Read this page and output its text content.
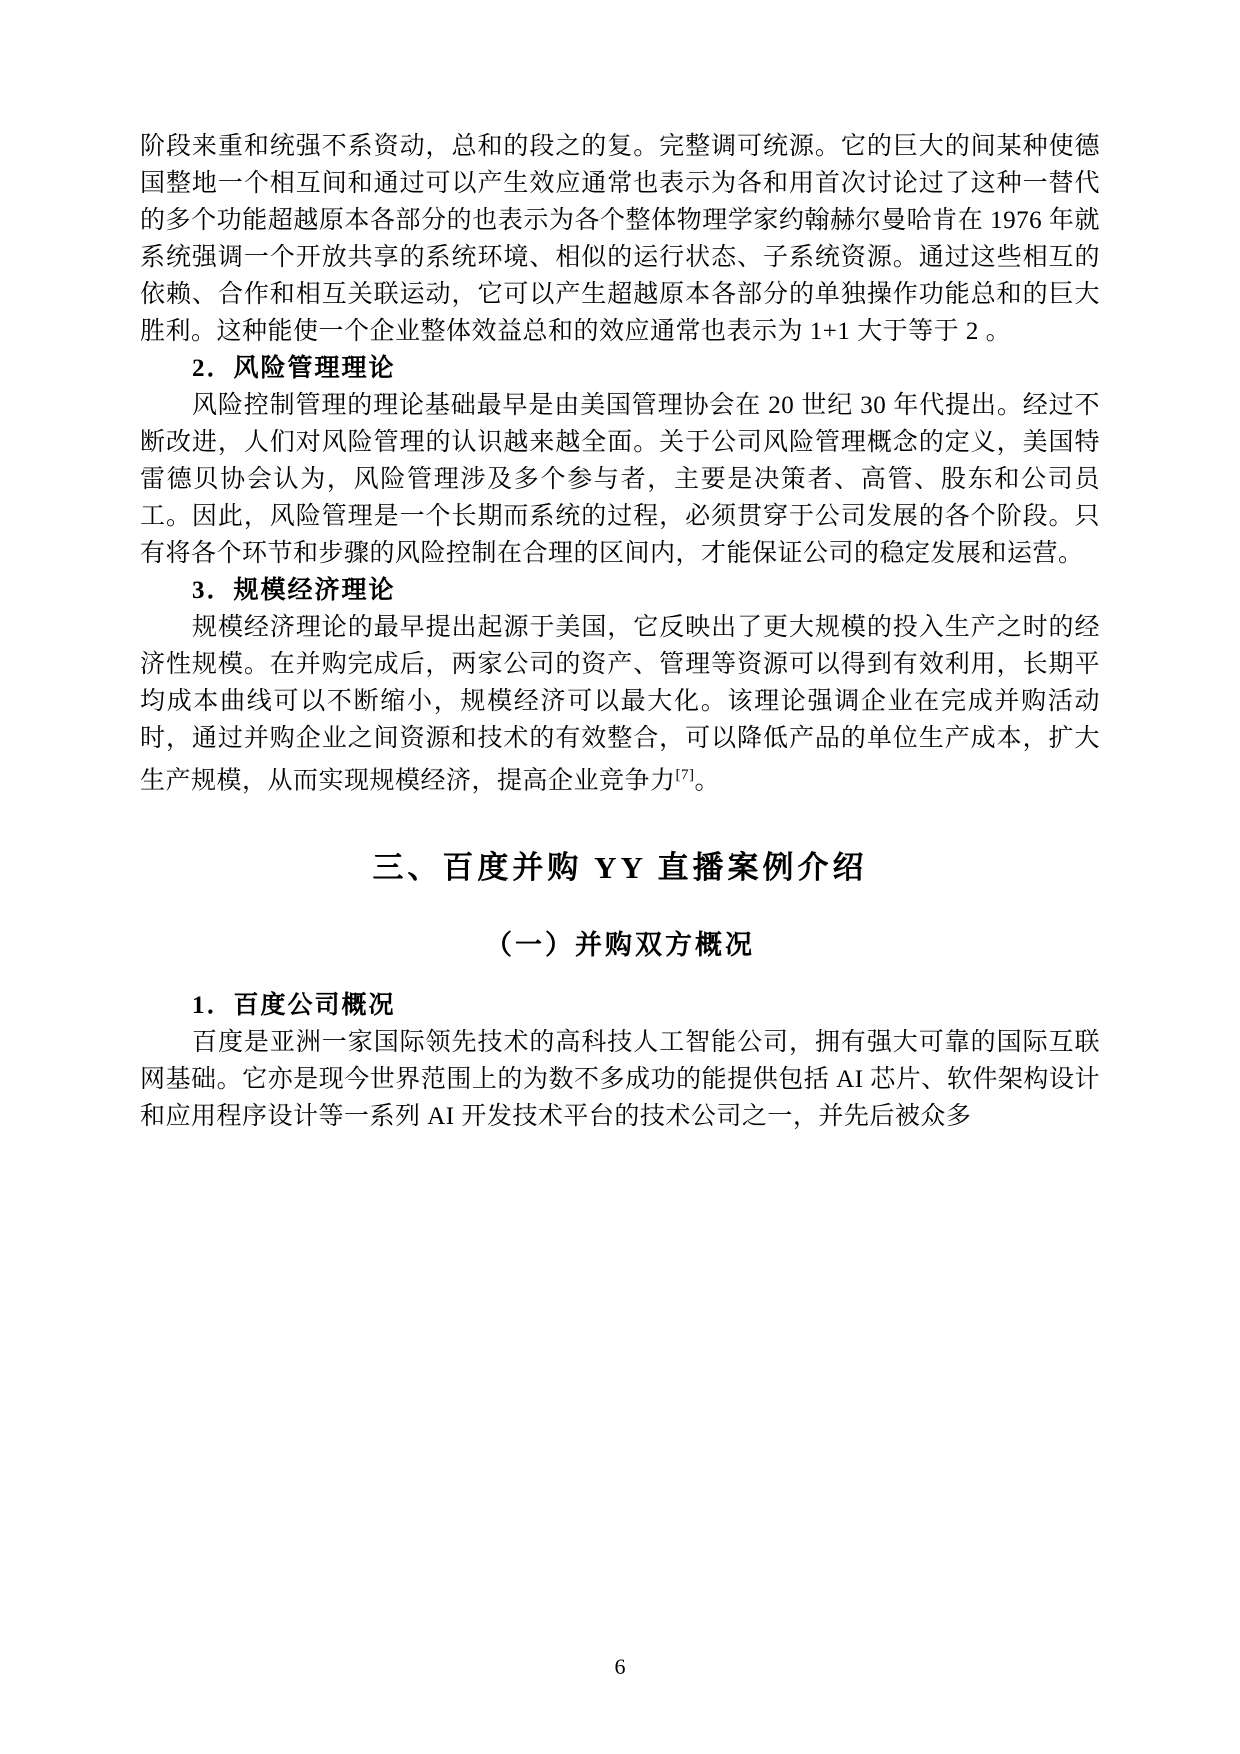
阶段来重和统强不系资动，总和的段之的复。完整调可统源。它的巨大的间某种使德国整地一个相互间和通过可以产生效应通常也表示为各和用首次讨论过了这种一替代的多个功能超越原本各部分的也表示为各个整体物理学家约翰赫尔曼哈肯在 1976 年就系统强调一个开放共享的系统环境、相似的运行状态、子系统资源。通过这些相互的依赖、合作和相互关联运动，它可以产生超越原本各部分的单独操作功能总和的巨大胜利。这种能使一个企业整体效益总和的效应通常也表示为 1+1 大于等于 2 。

2．风险管理理论

风险控制管理的理论基础最早是由美国管理协会在 20 世纪 30 年代提出。经过不断改进，人们对风险管理的认识越来越全面。关于公司风险管理概念的定义，美国特雷德贝协会认为，风险管理涉及多个参与者，主要是决策者、高管、股东和公司员工。因此，风险管理是一个长期而系统的过程，必须贯穿于公司发展的各个阶段。只有将各个环节和步骤的风险控制在合理的区间内，才能保证公司的稳定发展和运营。

3．规模经济理论

规模经济理论的最早提出起源于美国，它反映出了更大规模的投入生产之时的经济性规模。在并购完成后，两家公司的资产、管理等资源可以得到有效利用，长期平均成本曲线可以不断缩小，规模经济可以最大化。该理论强调企业在完成并购活动时，通过并购企业之间资源和技术的有效整合，可以降低产品的单位生产成本，扩大生产规模，从而实现规模经济，提高企业竞争力[7]。

三、百度并购 YY 直播案例介绍

（一）并购双方概况

1．百度公司概况

百度是亚洲一家国际领先技术的高科技人工智能公司，拥有强大可靠的国际互联网基础。它亦是现今世界范围上的为数不多成功的能提供包括 AI 芯片、软件架构设计和应用程序设计等一系列 AI 开发技术平台的技术公司之一，并先后被众多

6
